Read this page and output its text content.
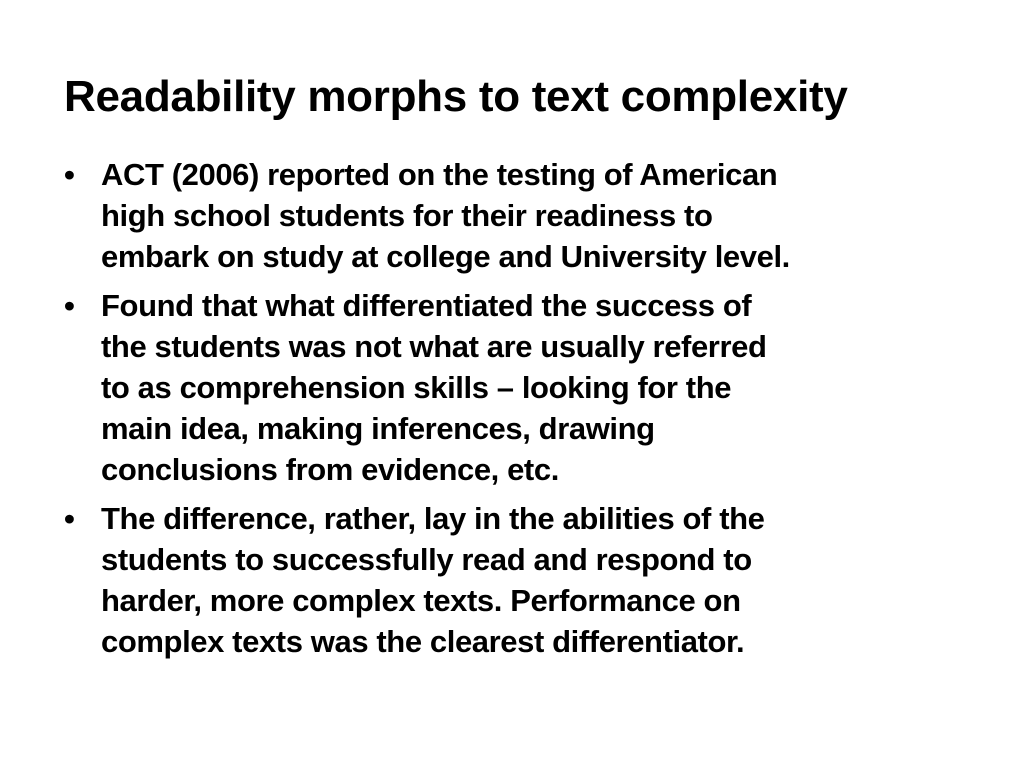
Readability morphs to text complexity
• ACT (2006) reported on the testing of American
high school students for their readiness to
embark on study at college and University level.
• Found that what differentiated the success of
the students was not what are usually referred
to as comprehension skills – looking for the
main idea, making inferences, drawing
conclusions from evidence, etc.
• The difference, rather, lay in the abilities of the
students to successfully read and respond to
harder, more complex texts. Performance on
complex texts was the clearest differentiator.
